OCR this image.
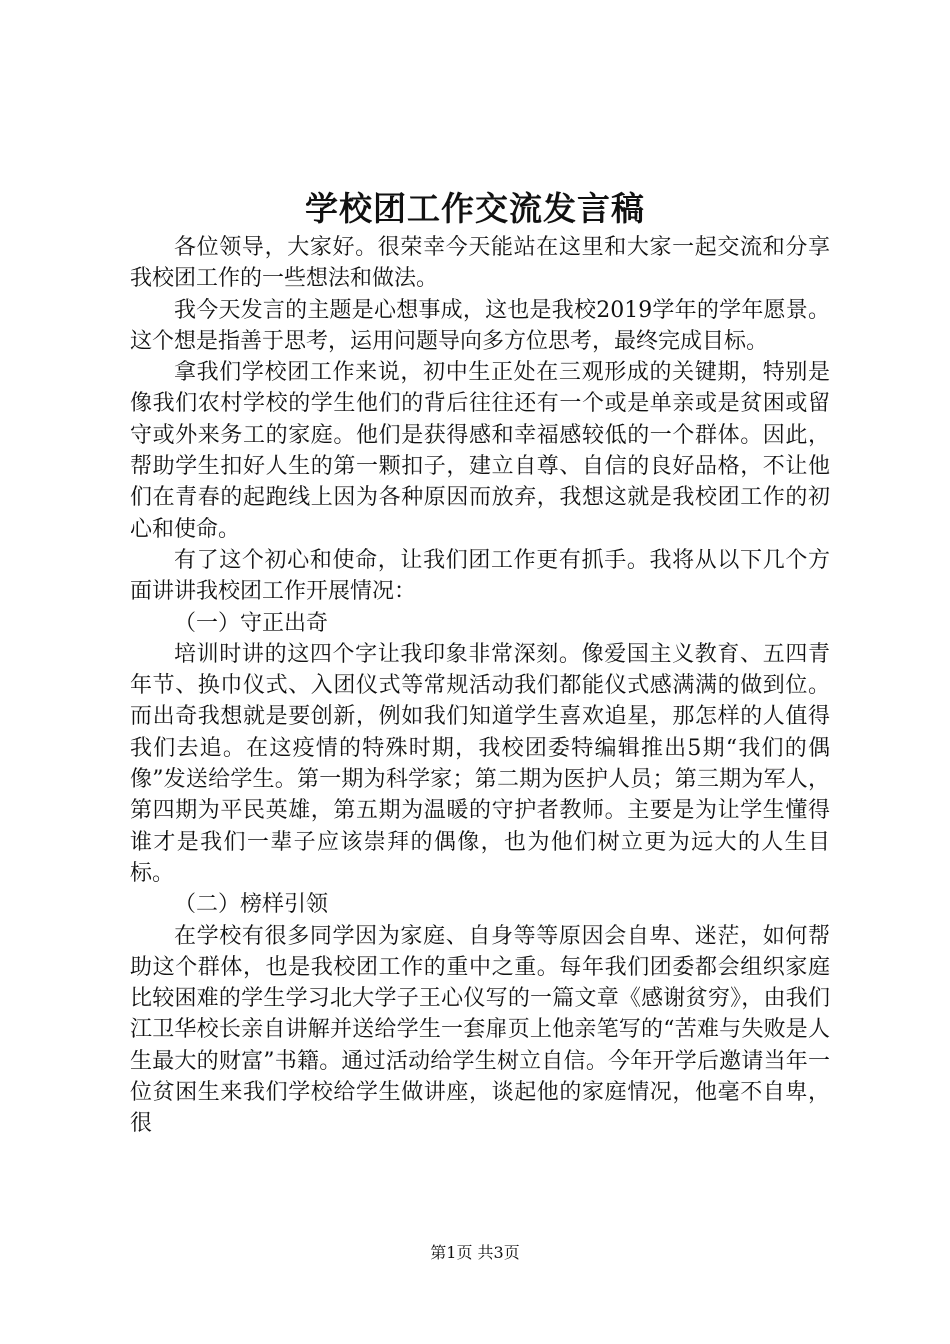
学校团工作交流发言稿

各位领导，大家好。很荣幸今天能站在这里和大家一起交流和分享我校团工作的一些想法和做法。

我今天发言的主题是心想事成，这也是我校2019学年的学年愿景。这个想是指善于思考，运用问题导向多方位思考，最终完成目标。

拿我们学校团工作来说，初中生正处在三观形成的关键期，特别是像我们农村学校的学生他们的背后往往还有一个或是单亲或是贫困或留守或外来务工的家庭。他们是获得感和幸福感较低的一个群体。因此，帮助学生扣好人生的第一颗扣子，建立自尊、自信的良好品格，不让他们在青春的起跑线上因为各种原因而放弃，我想这就是我校团工作的初心和使命。

有了这个初心和使命，让我们团工作更有抓手。我将从以下几个方面讲讲我校团工作开展情况：

（一）守正出奇

培训时讲的这四个字让我印象非常深刻。像爱国主义教育、五四青年节、换巾仪式、入团仪式等常规活动我们都能仪式感满满的做到位。而出奇我想就是要创新，例如我们知道学生喜欢追星，那怎样的人值得我们去追。在这疫情的特殊时期，我校团委特编辑推出5期“我们的偶像”发送给学生。第一期为科学家；第二期为医护人员；第三期为军人，第四期为平民英雄，第五期为温暖的守护者教师。主要是为让学生懂得谁才是我们一辈子应该崇拜的偶像，也为他们树立更为远大的人生目标。

（二）榜样引领

在学校有很多同学因为家庭、自身等等原因会自卑、迷茫，如何帮助这个群体，也是我校团工作的重中之重。每年我们团委都会组织家庭比较困难的学生学习北大学子王心仪写的一篇文章《感谢贫穷》，由我们江卫华校长亲自讲解并送给学生一套扉页上他亲笔写的“苦难与失败是人生最大的财富”书籍。通过活动给学生树立自信。今年开学后邀请当年一位贫困生来我们学校给学生做讲座，谈起他的家庭情况，他毫不自卑，很

第1页 共3页
